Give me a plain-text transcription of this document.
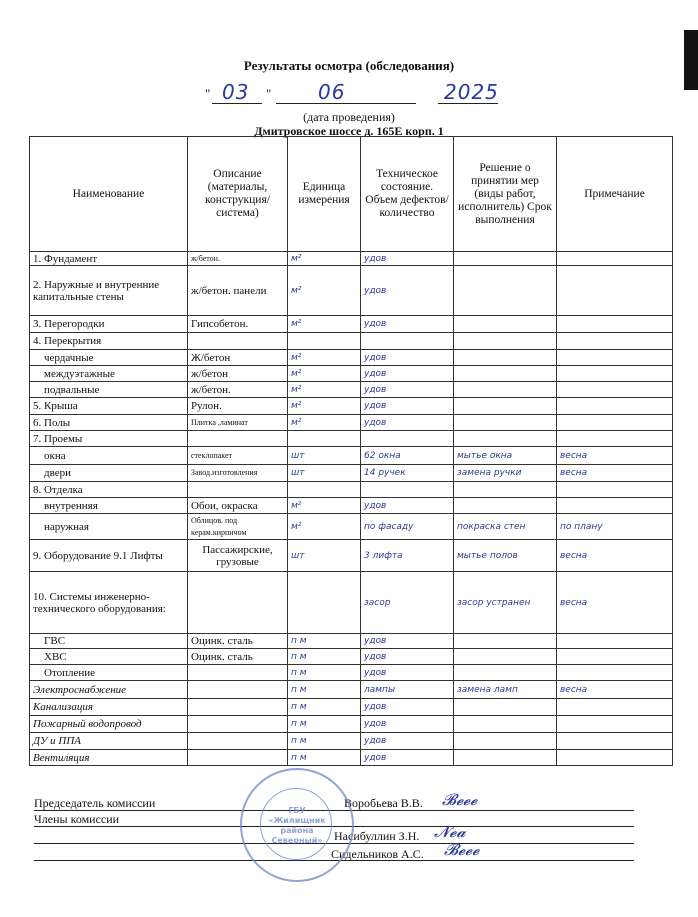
Результаты осмотра (обследования)
" 03 " 06	2025
(дата проведения)
Дмитровское шоссе д. 165Е корп. 1
Наименование	Описание (материалы, конструкция/ система)	Единица измерения	Техническое состояние. Объем дефектов/ количество	Решение о принятии мер (виды работ, исполнитель) Срок выполнения	Примечание
1. Фундамент	ж/бетон.	м²	удов		
2. Наружные и внутренние капитальные стены	ж/бетон. панели	м²	удов		
3. Перегородки	Гипсобетон.	м²	удов		
4. Перекрытия					
чердачные	Ж/бетон	м²	удов		
междуэтажные	ж/бетон	м²	удов		
подвальные	ж/бетон.	м²	удов		
5. Крыша	Рулон.	м²	удов		
6. Полы	Плитка ,ламинат	м²	удов		
7. Проемы					
окна	стеклопакет	шт	62 окна	мытье окна	весна
двери	Завод.изготовления	шт	14 ручек	замена ручки	весна
8. Отделка					
внутренняя	Обои, окраска	м²	удов		
наружная	Облицов. под керам.кирпичом	м²	по фасаду	покраска стен	по плану
9. Оборудование 9.1 Лифты	Пассажирские, грузовые	шт	3 лифта	мытье полов	весна
10. Системы инженерно-технического оборудования:			засор	засор устранен	весна
ГВС	Оцинк. сталь	п м	удов		
ХВС	Оцинк. сталь	п м	удов		
Отопление		п м	удов		
Электроснабжение		п м	лампы	замена ламп	весна
Канализация		п м	удов		
Пожарный водопровод		п м	удов		
ДУ и ППА		п м	удов		
Вентиляция		п м	удов		
Председатель комиссии	Воробьева В.В. 𝓑𝓮𝓮𝓮
Члены комиссии
Насибуллин З.Н. 𝓝𝓮𝓪
Сидельников А.С. 𝓑𝓮𝓮𝓮
ГБУ
«Жилищник
района
Северный»
